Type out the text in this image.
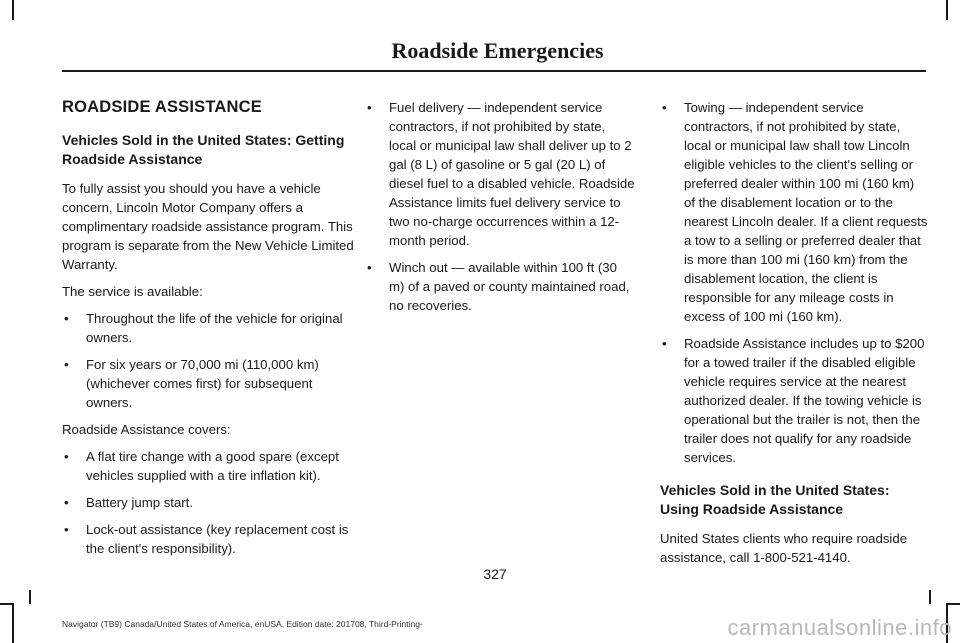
Roadside Emergencies
ROADSIDE ASSISTANCE
Vehicles Sold in the United States: Getting Roadside Assistance

To fully assist you should you have a vehicle concern, Lincoln Motor Company offers a complimentary roadside assistance program. This program is separate from the New Vehicle Limited Warranty.

The service is available:

• Throughout the life of the vehicle for original owners.
• For six years or 70,000 mi (110,000 km) (whichever comes first) for subsequent owners.

Roadside Assistance covers:

• A flat tire change with a good spare (except vehicles supplied with a tire inflation kit).
• Battery jump start.
• Lock-out assistance (key replacement cost is the client's responsibility).
• Fuel delivery — independent service contractors, if not prohibited by state, local or municipal law shall deliver up to 2 gal (8 L) of gasoline or 5 gal (20 L) of diesel fuel to a disabled vehicle. Roadside Assistance limits fuel delivery service to two no-charge occurrences within a 12-month period.
• Winch out — available within 100 ft (30 m) of a paved or county maintained road, no recoveries.
• Towing — independent service contractors, if not prohibited by state, local or municipal law shall tow Lincoln eligible vehicles to the client's selling or preferred dealer within 100 mi (160 km) of the disablement location or to the nearest Lincoln dealer. If a client requests a tow to a selling or preferred dealer that is more than 100 mi (160 km) from the disablement location, the client is responsible for any mileage costs in excess of 100 mi (160 km).
• Roadside Assistance includes up to $200 for a towed trailer if the disabled eligible vehicle requires service at the nearest authorized dealer. If the towing vehicle is operational but the trailer is not, then the trailer does not qualify for any roadside services.
Vehicles Sold in the United States: Using Roadside Assistance

United States clients who require roadside assistance, call 1-800-521-4140.

327
Navigator (TB9) Canada/United States of America, enUSA, Edition date: 201708, Third-Printing-	carmanualsonline.info
